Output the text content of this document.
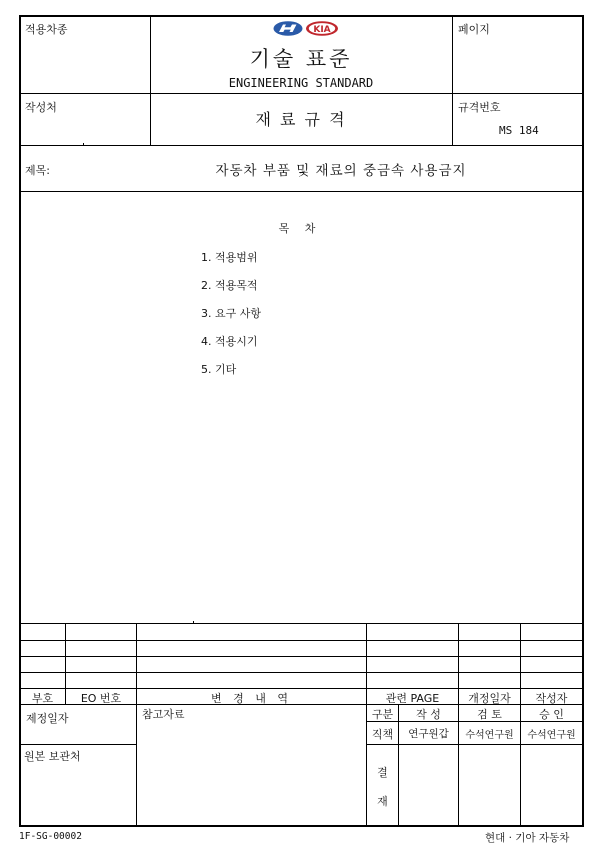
적용차종	KIA
기술 표준
ENGINEERING STANDARD
페이지
작성처
재 료 규 격
규격번호
MS 184
제목:	자동차 부품 및 재료의 중금속 사용금지
목 차
1. 적용범위
2. 적용목적
3. 요구 사항
4. 적용시기
5. 기타
부호	EO 번호	변 경 내 역	관련 PAGE	개정일자	작성자
제정일자
원본 보관처
참고자료	구분	작 성	검 토	승 인
직책	연구원갑	수석연구원	수석연구원
결
재
1F-SG-00002	현대 · 기아 자동차
